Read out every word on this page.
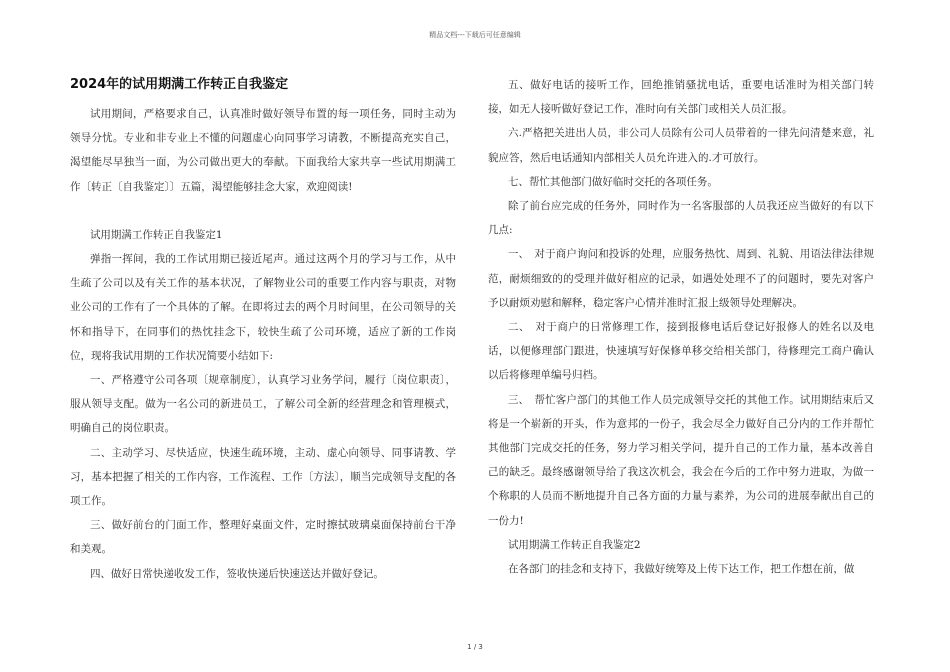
精品文档---下载后可任意编辑
2024年的试用期满工作转正自我鉴定

试用期间，严格要求自己，认真准时做好领导布置的每一项任务，同时主动为领导分忧。专业和非专业上不懂的问题虚心向同事学习请教，不断提高充实自己，渴望能尽早独当一面，为公司做出更大的奉献。下面我给大家共享一些试用期满工作〔转正〔自我鉴定〕〕五篇，渴望能够挂念大家，欢迎阅读!

试用期满工作转正自我鉴定1

弹指一挥间，我的工作试用期已接近尾声。通过这两个月的学习与工作，从中生疏了公司以及有关工作的基本状况，了解物业公司的重要工作内容与职责，对物业公司的工作有了一个具体的了解。在即将过去的两个月时间里，在公司领导的关怀和指导下，在同事们的热忱挂念下，较快生疏了公司环境，适应了新的工作岗位，现将我试用期的工作状况简要小结如下:

一、严格遵守公司各项〔规章制度〕，认真学习业务学问，履行〔岗位职责〕，服从领导支配。做为一名公司的新进员工，了解公司全新的经营理念和管理模式，明确自己的岗位职责。

二、主动学习、尽快适应，快速生疏环境，主动、虚心向领导、同事请教、学习，基本把握了相关的工作内容，工作流程、工作〔方法〕，顺当完成领导支配的各项工作。

三、做好前台的门面工作，整理好桌面文件，定时擦拭玻璃桌面保持前台干净和美观。

四、做好日常快递收发工作，签收快递后快速送达并做好登记。

五、做好电话的接听工作，回绝推销骚扰电话，重要电话准时为相关部门转接，如无人接听做好登记工作，准时向有关部门或相关人员汇报。

六.严格把关进出人员，非公司人员除有公司人员带着的一律先问清楚来意，礼貌应答，然后电话通知内部相关人员允许进入的.才可放行。

七、帮忙其他部门做好临时交托的各项任务。

除了前台应完成的任务外，同时作为一名客服部的人员我还应当做好的有以下几点:

一、　对于商户询问和投诉的处理，应服务热忱、周到、礼貌、用语法律法律规范，耐烦细致的的受理并做好相应的记录，如遇处处理不了的问题时，要先对客户予以耐烦劝慰和解释，稳定客户心情并准时汇报上级领导处理解决。

二、　对于商户的日常修理工作，接到报修电话后登记好报修人的姓名以及电话，以便修理部门跟进，快速填写好保修单移交给相关部门，待修理完工商户确认以后将修理单编号归档。

三、　帮忙客户部门的其他工作人员完成领导交托的其他工作。试用期结束后又将是一个崭新的开头，作为意邦的一份子，我会尽全力做好自己分内的工作并帮忙其他部门完成交托的任务，努力学习相关学问，提升自己的工作力量，基本改善自己的缺乏。最终感谢领导给了我这次机会，我会在今后的工作中努力进取，为做一个称职的人员而不断地提升自己各方面的力量与素养，为公司的进展奉献出自己的一份力!

试用期满工作转正自我鉴定2

在各部门的挂念和支持下，我做好统筹及上传下达工作，把工作想在前，做

1 / 3
